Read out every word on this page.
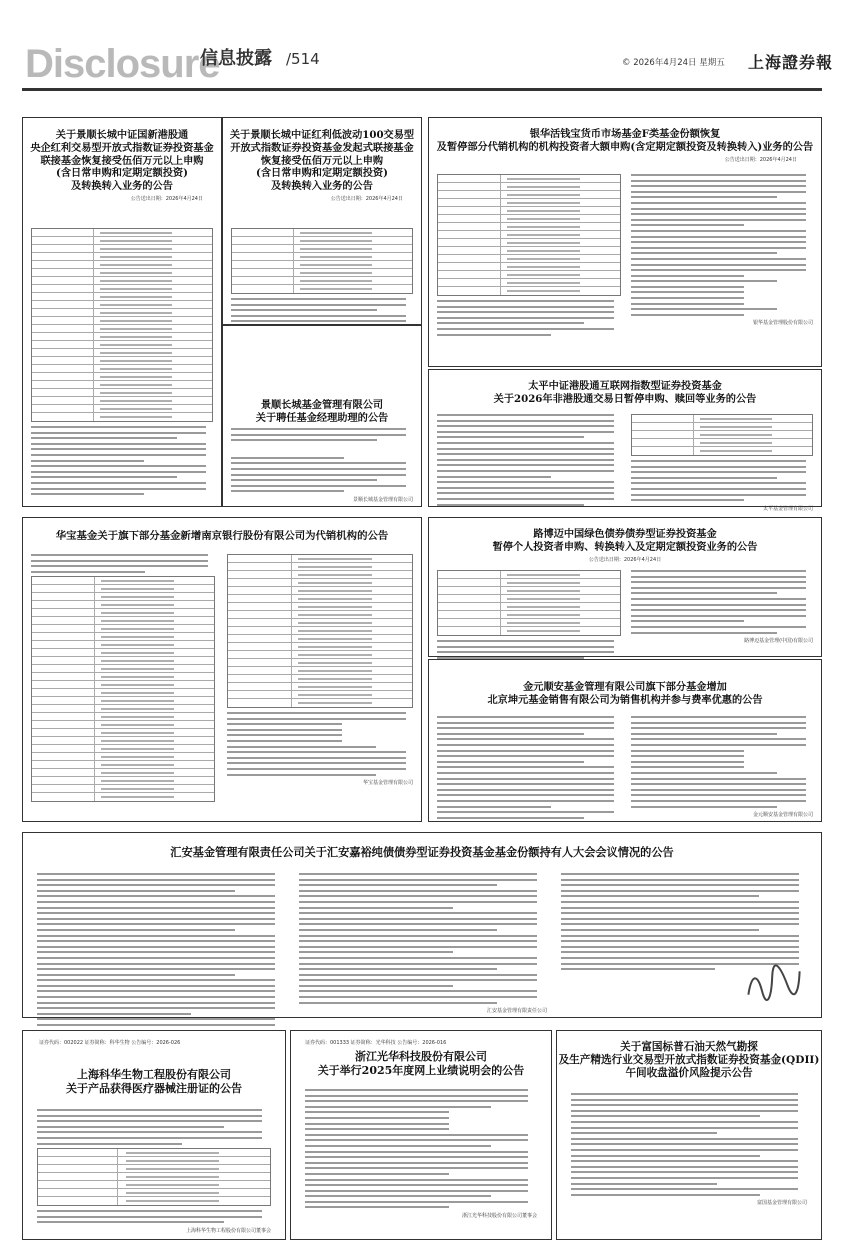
Disclosure
信息披露 /514	© 2026年4月24日 星期五 上海證券報
关于景顺长城中证国新港股通
央企红利交易型开放式指数证券投资基金
联接基金恢复接受伍佰万元以上申购
(含日常申购和定期定额投资)
及转换转入业务的公告
公告送出日期：2026年4月24日
关于景顺长城中证红利低波动100交易型
开放式指数证券投资基金发起式联接基金
恢复接受伍佰万元以上申购
(含日常申购和定期定额投资)
及转换转入业务的公告
公告送出日期：2026年4月24日
景顺长城基金管理有限公司
关于聘任基金经理助理的公告
景顺长城基金管理有限公司
银华活钱宝货币市场基金F类基金份额恢复
及暂停部分代销机构的机构投资者大额申购(含定期定额投资及转换转入)业务的公告
公告送出日期：2026年4月24日
银华基金管理股份有限公司
太平中证港股通互联网指数型证券投资基金
关于2026年非港股通交易日暂停申购、赎回等业务的公告
太平基金管理有限公司
华宝基金关于旗下部分基金新增南京银行股份有限公司为代销机构的公告
华宝基金管理有限公司
路博迈中国绿色债券债券型证券投资基金
暂停个人投资者申购、转换转入及定期定额投资业务的公告
公告送出日期：2026年4月24日
路博迈基金管理(中国)有限公司
金元顺安基金管理有限公司旗下部分基金增加
北京坤元基金销售有限公司为销售机构并参与费率优惠的公告
金元顺安基金管理有限公司
汇安基金管理有限责任公司关于汇安嘉裕纯债债券型证券投资基金基金份额持有人大会会议情况的公告
汇安基金管理有限责任公司
证券代码：002022 证券简称：科华生物 公告编号：2026-026
上海科华生物工程股份有限公司
关于产品获得医疗器械注册证的公告
上海科华生物工程股份有限公司董事会
证券代码：001333 证券简称：光华科技 公告编号：2026-016
浙江光华科技股份有限公司
关于举行2025年度网上业绩说明会的公告
浙江光华科技股份有限公司董事会
关于富国标普石油天然气勘探
及生产精选行业交易型开放式指数证券投资基金(QDII)
午间收盘溢价风险提示公告
富国基金管理有限公司
